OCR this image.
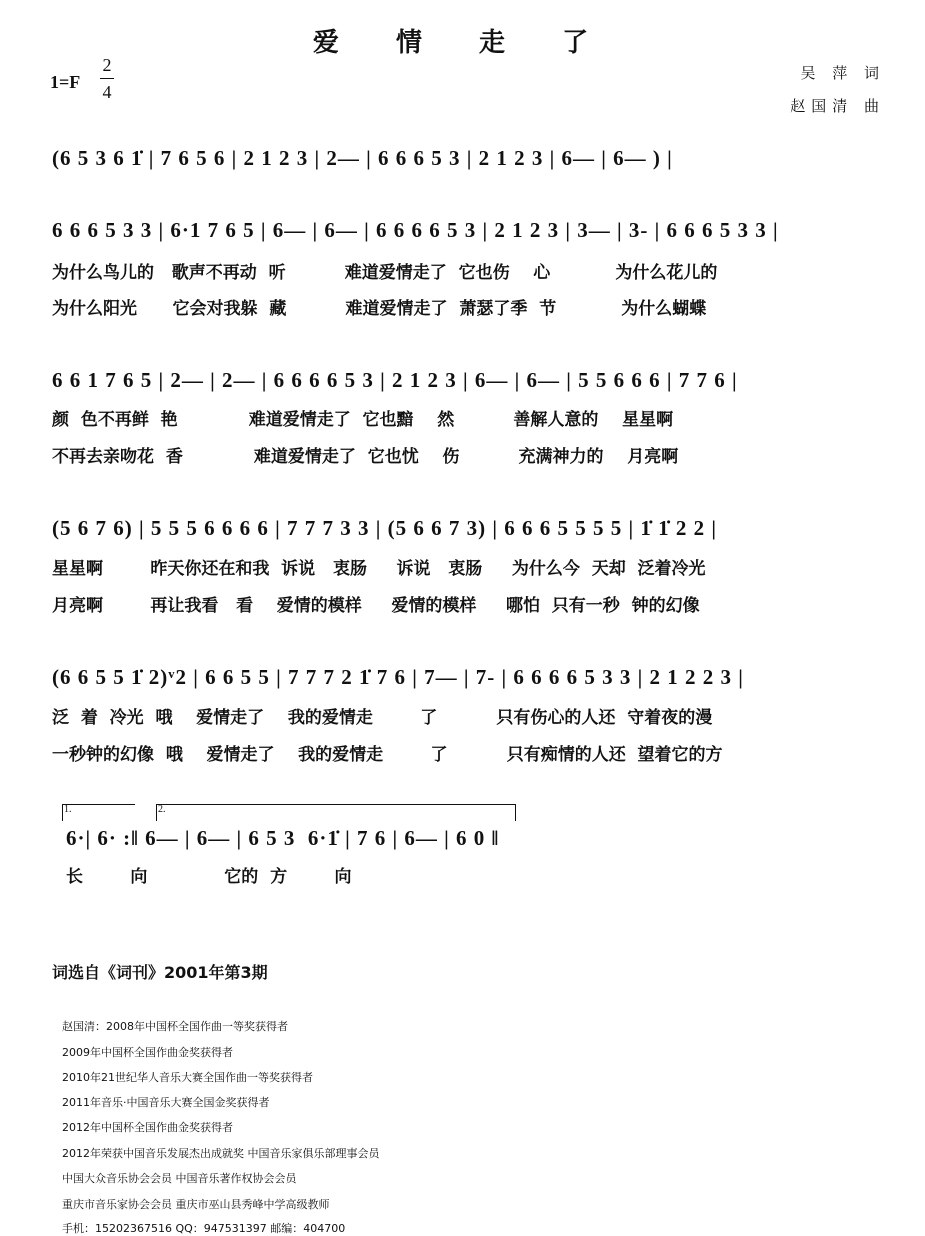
爱 情 走 了
1=F
2
4
吴 萍 词
赵国清 曲
(6 5 3 6 1̇ | 7 6 5 6 | 2 1 2 3 | 2— | 6 6 6 5 3 | 2 1 2 3 | 6— | 6— ) |
6 6 6 5 3 3 | 6·1 7 6 5 | 6— | 6— | 6 6 6 6 5 3 | 2 1 2 3 | 3— | 3- | 6 6 6 5 3 3 |
为什么鸟儿的   歌声不再动  听          难道爱情走了  它也伤    心           为什么花儿的
为什么阳光      它会对我躲  藏          难道爱情走了  萧瑟了季  节           为什么蝴蝶
6 6 1 7 6 5 | 2— | 2— | 6 6 6 6 5 3 | 2 1 2 3 | 6— | 6— | 5 5 6 6 6 | 7 7 6 |
颜  色不再鲜  艳            难道爱情走了  它也黯    然          善解人意的    星星啊
不再去亲吻花  香            难道爱情走了  它也忧    伤          充满神力的    月亮啊
(5 6 7 6) | 5 5 5 6 6 6 6 | 7 7 7 3 3 | (5 6 6 7 3) | 6 6 6 5 5 5 5 | 1̇ 1̇ 2 2 |
星星啊        昨天你还在和我  诉说   衷肠     诉说   衷肠     为什么今  天却  泛着冷光
月亮啊        再让我看   看    爱情的模样     爱情的模样     哪怕  只有一秒  钟的幻像
(6 6 5 5 1̇ 2)ᵛ2 | 6 6 5 5 | 7 7 7 2 1̇ 7 6 | 7— | 7- | 6 6 6 6 5 3 3 | 2 1 2 2 3 |
泛  着  冷光  哦    爱情走了    我的爱情走        了          只有伤心的人还  守着夜的漫
一秒钟的幻像  哦    爱情走了    我的爱情走        了          只有痴情的人还  望着它的方
1.	2.
6·| 6· :‖ 6— | 6— | 6 5 3  6·1̇ | 7 6 | 6— | 6 0 ‖
长        向             它的  方        向
词选自《词刊》2001年第3期
赵国清：2008年中国杯全国作曲一等奖获得者
2009年中国杯全国作曲金奖获得者
2010年21世纪华人音乐大赛全国作曲一等奖获得者
2011年音乐·中国音乐大赛全国金奖获得者
2012年中国杯全国作曲金奖获得者
2012年荣获中国音乐发展杰出成就奖 中国音乐家俱乐部理事会员
中国大众音乐协会会员 中国音乐著作权协会会员
重庆市音乐家协会会员 重庆市巫山县秀峰中学高级教师
手机：15202367516 QQ：947531397 邮编：404700
